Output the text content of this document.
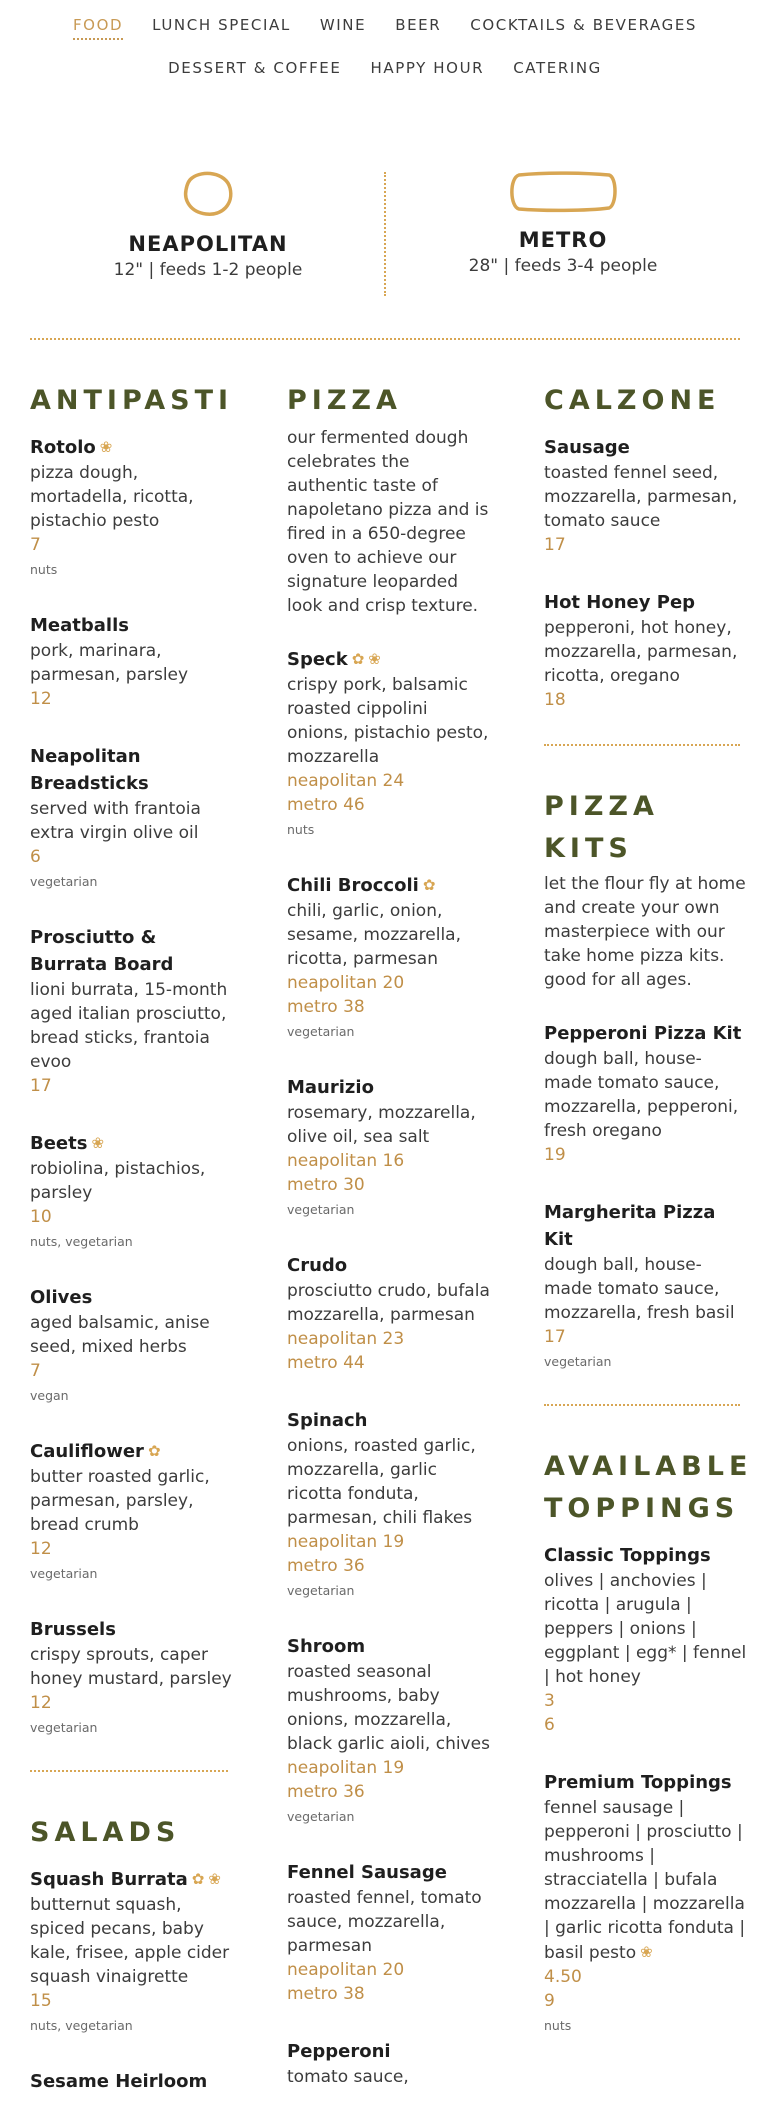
FOOD LUNCH SPECIAL WINE BEER COCKTAILS & BEVERAGES
DESSERT & COFFEE HAPPY HOUR CATERING
NEAPOLITAN
12" | feeds 1-2 people
METRO
28" | feeds 3-4 people
ANTIPASTI
Rotolo ❀
pizza dough, mortadella, ricotta, pistachio pesto
7
nuts
Meatballs
pork, marinara, parmesan, parsley
12
Neapolitan Breadsticks
served with frantoia extra virgin olive oil
6
vegetarian
Prosciutto & Burrata Board
lioni burrata, 15-month aged italian prosciutto, bread sticks, frantoia evoo
17
Beets ❀
robiolina, pistachios, parsley
10
nuts, vegetarian
Olives
aged balsamic, anise seed, mixed herbs
7
vegan
Cauliflower ✿
butter roasted garlic, parmesan, parsley, bread crumb
12
vegetarian
Brussels
crispy sprouts, caper honey mustard, parsley
12
vegetarian
SALADS
Squash Burrata ✿ ❀
butternut squash, spiced pecans, baby kale, frisee, apple cider squash vinaigrette
15
nuts, vegetarian
Sesame Heirloom
PIZZA
our fermented dough celebrates the authentic taste of napoletano pizza and is fired in a 650-degree oven to achieve our signature leoparded look and crisp texture.
Speck ✿ ❀
crispy pork, balsamic roasted cippolini onions, pistachio pesto, mozzarella
neapolitan 24
metro 46
nuts
Chili Broccoli ✿
chili, garlic, onion, sesame, mozzarella, ricotta, parmesan
neapolitan 20
metro 38
vegetarian
Maurizio
rosemary, mozzarella, olive oil, sea salt
neapolitan 16
metro 30
vegetarian
Crudo
prosciutto crudo, bufala mozzarella, parmesan
neapolitan 23
metro 44
Spinach
onions, roasted garlic, mozzarella, garlic ricotta fonduta, parmesan, chili flakes
neapolitan 19
metro 36
vegetarian
Shroom
roasted seasonal mushrooms, baby onions, mozzarella, black garlic aioli, chives
neapolitan 19
metro 36
vegetarian
Fennel Sausage
roasted fennel, tomato sauce, mozzarella, parmesan
neapolitan 20
metro 38
Pepperoni
tomato sauce,
CALZONE
Sausage
toasted fennel seed, mozzarella, parmesan, tomato sauce
17
Hot Honey Pep
pepperoni, hot honey, mozzarella, parmesan, ricotta, oregano
18
PIZZA KITS
let the flour fly at home and create your own masterpiece with our take home pizza kits. good for all ages.
Pepperoni Pizza Kit
dough ball, house-made tomato sauce, mozzarella, pepperoni, fresh oregano
19
Margherita Pizza Kit
dough ball, house-made tomato sauce, mozzarella, fresh basil
17
vegetarian
AVAILABLE TOPPINGS
Classic Toppings
olives | anchovies | ricotta | arugula | peppers | onions | eggplant | egg* | fennel | hot honey
3
6
Premium Toppings
fennel sausage | pepperoni | prosciutto | mushrooms | stracciatella | bufala mozzarella | mozzarella | garlic ricotta fonduta | basil pesto ❀
4.50
9
nuts
